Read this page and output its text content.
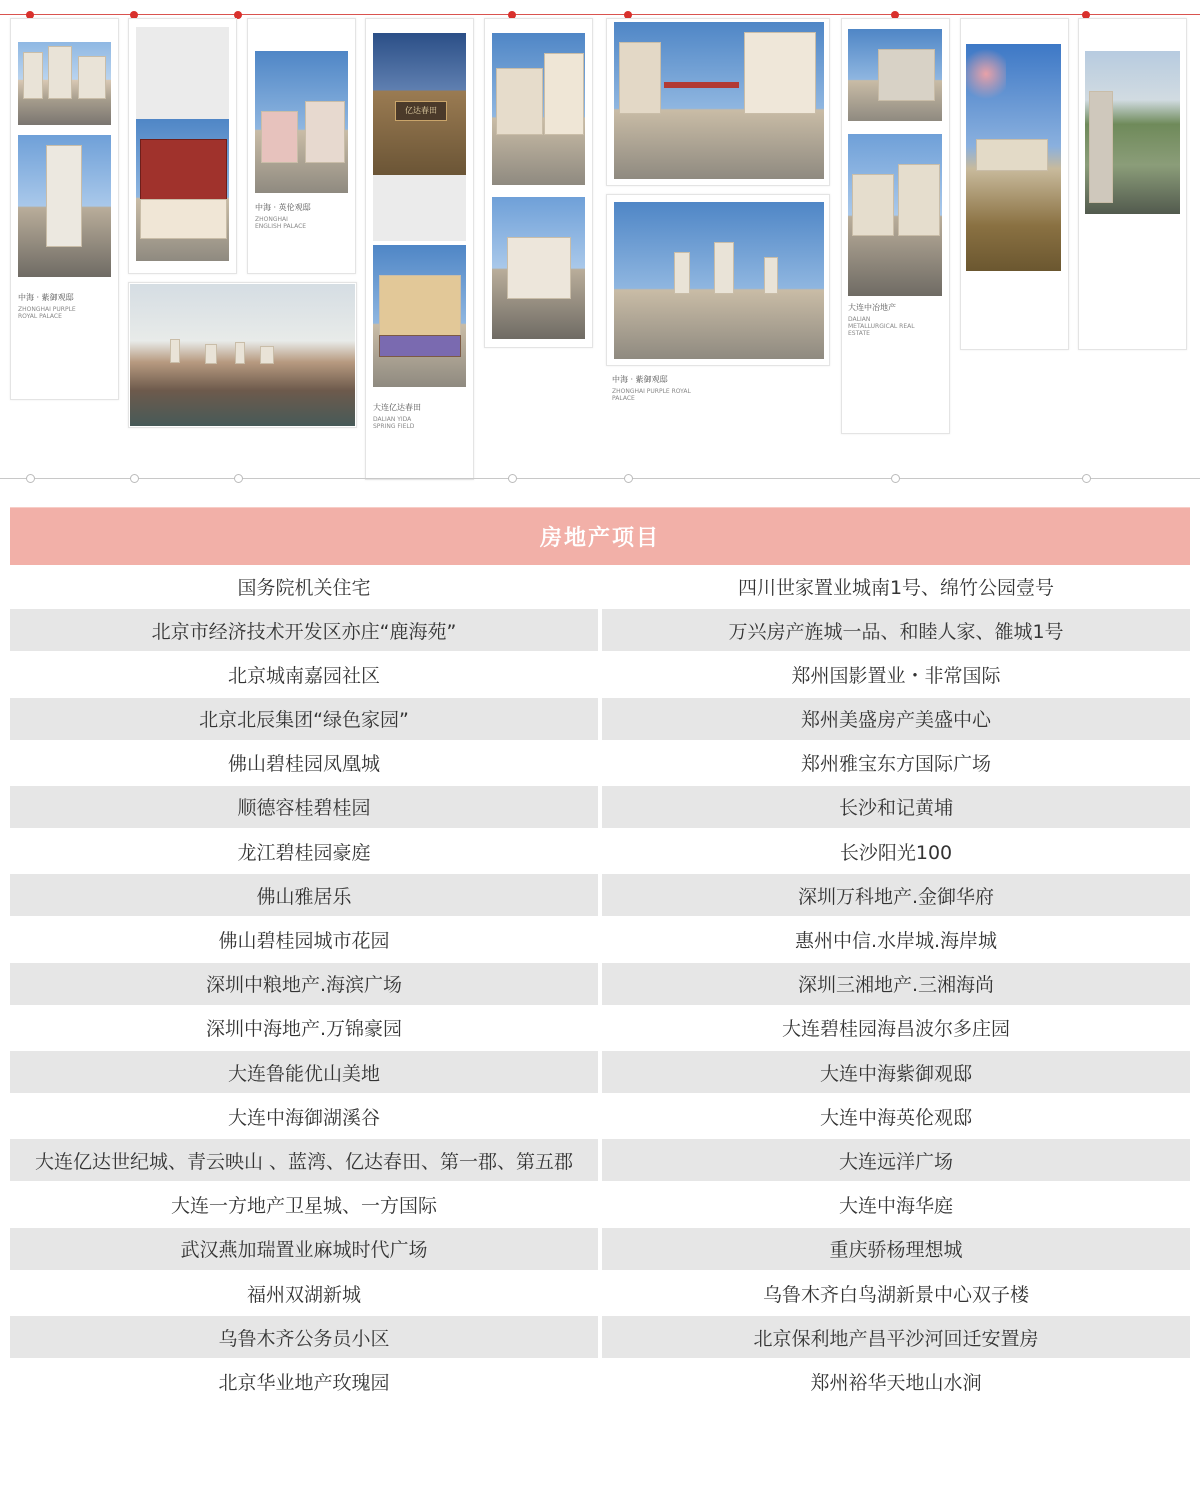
中海 · 紫御观邸
ZHONGHAI PURPLE ROYAL PALACE
中海 · 英伦观邸
ZHONGHAI ENGLISH PALACE
亿达春田
大连亿达春田
DALIAN YIDA SPRING FIELD
中海 · 紫御观邸
ZHONGHAI PURPLE ROYAL PALACE
大连中冶地产
DALIAN METALLURGICAL REAL ESTATE
房地产项目
国务院机关住宅	四川世家置业城南1号、绵竹公园壹号
北京市经济技术开发区亦庄“鹿海苑”	万兴房产旌城一品、和睦人家、雒城1号
北京城南嘉园社区	郑州国影置业・非常国际
北京北辰集团“绿色家园”	郑州美盛房产美盛中心
佛山碧桂园凤凰城	郑州雅宝东方国际广场
顺德容桂碧桂园	长沙和记黄埔
龙江碧桂园豪庭	长沙阳光100
佛山雅居乐	深圳万科地产.金御华府
佛山碧桂园城市花园	惠州中信.水岸城.海岸城
深圳中粮地产.海滨广场	深圳三湘地产.三湘海尚
深圳中海地产.万锦豪园	大连碧桂园海昌波尔多庄园
大连鲁能优山美地	大连中海紫御观邸
大连中海御湖溪谷	大连中海英伦观邸
大连亿达世纪城、青云映山 、蓝湾、亿达春田、第一郡、第五郡	大连远洋广场
大连一方地产卫星城、一方国际	大连中海华庭
武汉燕加瑞置业麻城时代广场	重庆骄杨理想城
福州双湖新城	乌鲁木齐白鸟湖新景中心双子楼
乌鲁木齐公务员小区	北京保利地产昌平沙河回迁安置房
北京华业地产玫瑰园	郑州裕华天地山水涧
